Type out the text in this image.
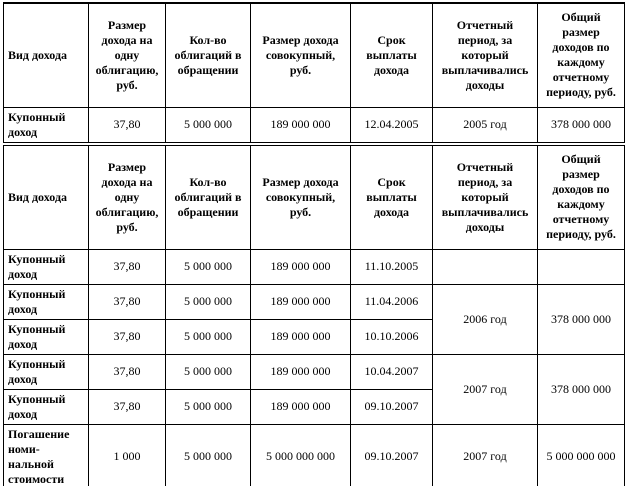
Вид дохода	Размер дохода на одну облигацию, руб.	Кол-во облигаций в обращении	Размер дохода совокупный, руб.	Срок выплаты дохода	Отчетный период, за который выплачивались доходы	Общий размер доходов по каждому отчетному периоду, руб.
Купонный доход	37,80	5 000 000	189 000 000	12.04.2005	2005 год	378 000 000
Вид дохода	Размер дохода на одну облигацию, руб.	Кол-во облигаций в обращении	Размер дохода совокупный, руб.	Срок выплаты дохода	Отчетный период, за который выплачивались доходы	Общий размер доходов по каждому отчетному периоду, руб.
Купонный доход	37,80	5 000 000	189 000 000	11.10.2005		
Купонный доход	37,80	5 000 000	189 000 000	11.04.2006	2006 год	378 000 000
Купонный доход	37,80	5 000 000	189 000 000	10.10.2006		
Купонный доход	37,80	5 000 000	189 000 000	10.04.2007	2007 год	378 000 000
Купонный доход	37,80	5 000 000	189 000 000	09.10.2007		
Погашение номи-нальной стоимости	1 000	5 000 000	5 000 000 000	09.10.2007	2007 год	5 000 000 000
